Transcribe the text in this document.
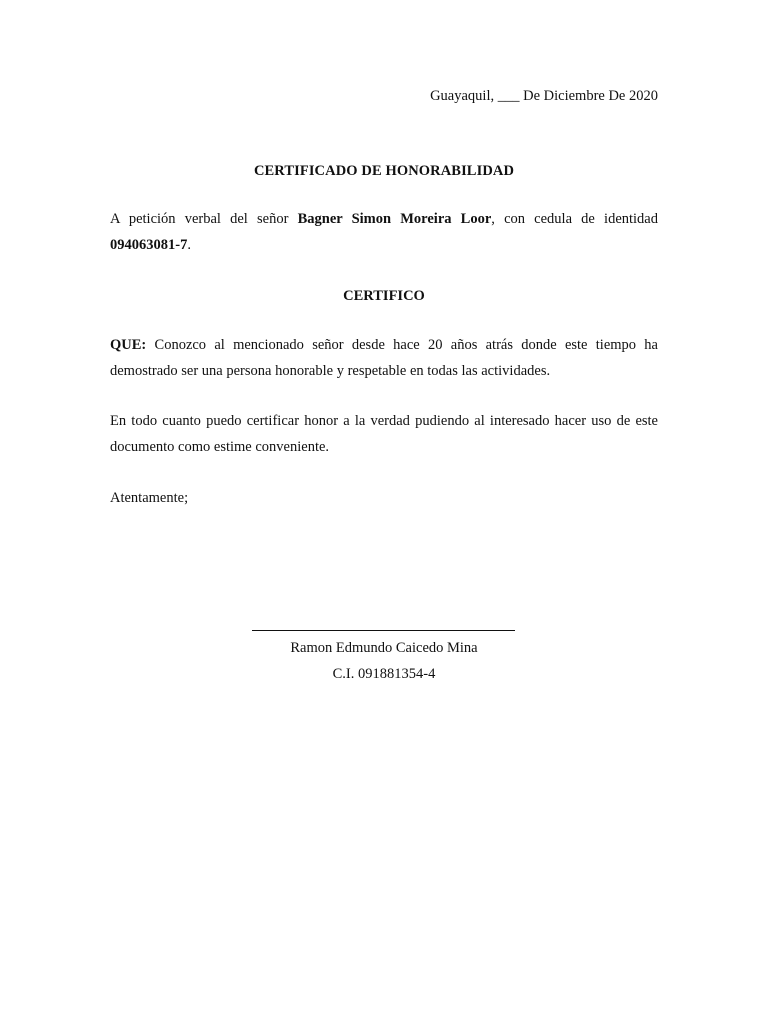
Guayaquil, ___ De Diciembre De 2020
CERTIFICADO DE HONORABILIDAD

A petición verbal del señor Bagner Simon Moreira Loor, con cedula de identidad 094063081-7.

CERTIFICO

QUE: Conozco al mencionado señor desde hace 20 años atrás donde este tiempo ha demostrado ser una persona honorable y respetable en todas las actividades.

En todo cuanto puedo certificar honor a la verdad pudiendo al interesado hacer uso de este documento como estime conveniente.

Atentamente;
Ramon Edmundo Caicedo Mina
C.I. 091881354-4
